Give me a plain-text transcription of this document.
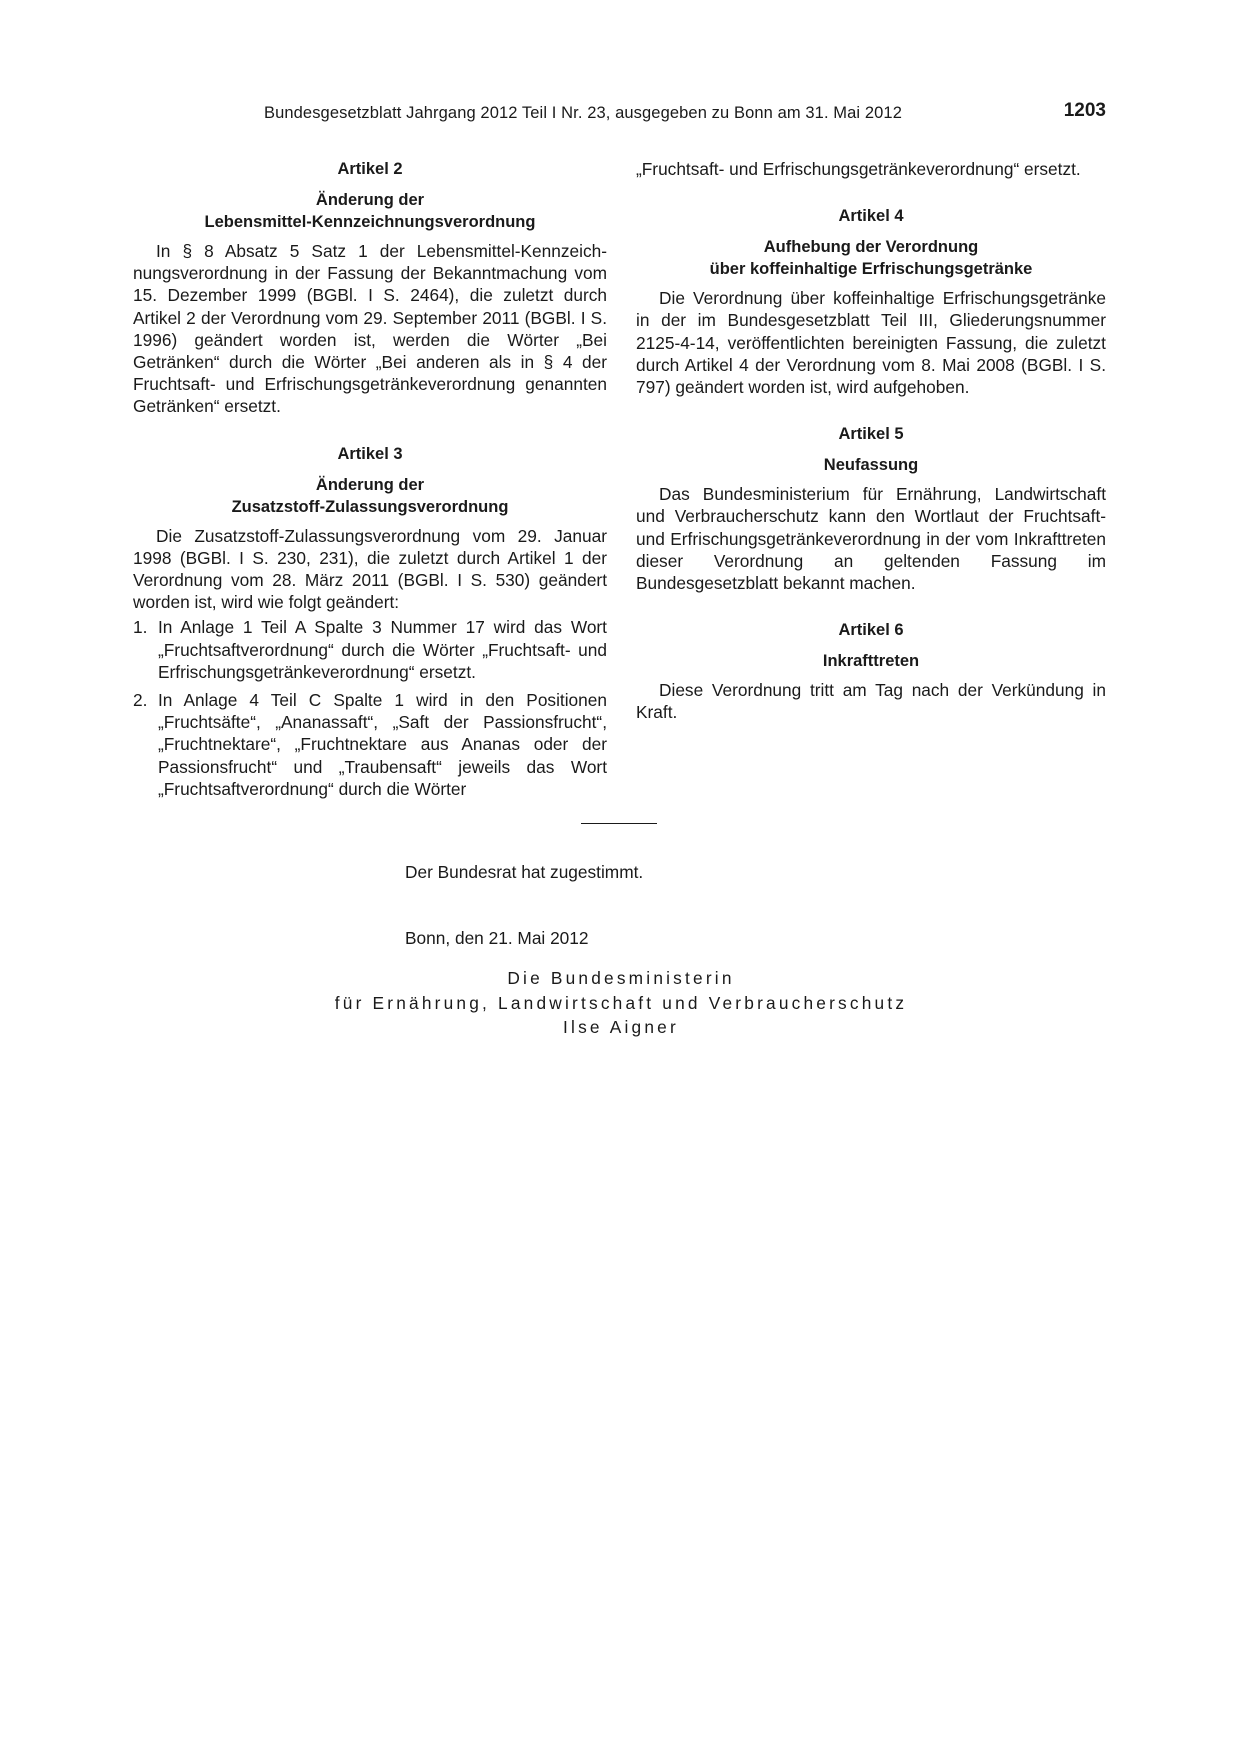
Bundesgesetzblatt Jahrgang 2012 Teil I Nr. 23, ausgegeben zu Bonn am 31. Mai 2012	1203
Artikel 2
Änderung der
Lebensmittel-Kennzeichnungsverordnung

In § 8 Absatz 5 Satz 1 der Lebensmittel-Kennzeichnungsverordnung in der Fassung der Bekanntmachung vom 15. Dezember 1999 (BGBl. I S. 2464), die zuletzt durch Artikel 2 der Verordnung vom 29. September 2011 (BGBl. I S. 1996) geändert worden ist, werden die Wörter „Bei Getränken“ durch die Wörter „Bei anderen als in § 4 der Fruchtsaft- und Erfrischungsgetränkeverordnung genannten Getränken“ ersetzt.

Artikel 3
Änderung der
Zusatzstoff-Zulassungsverordnung

Die Zusatzstoff-Zulassungsverordnung vom 29. Januar 1998 (BGBl. I S. 230, 231), die zuletzt durch Artikel 1 der Verordnung vom 28. März 2011 (BGBl. I S. 530) geändert worden ist, wird wie folgt geändert:

1. In Anlage 1 Teil A Spalte 3 Nummer 17 wird das Wort „Fruchtsaftverordnung“ durch die Wörter „Fruchtsaft- und Erfrischungsgetränkeverordnung“ ersetzt.
2. In Anlage 4 Teil C Spalte 1 wird in den Positionen „Fruchtsäfte“, „Ananassaft“, „Saft der Passionsfrucht“, „Fruchtnektare“, „Fruchtnektare aus Ananas oder der Passionsfrucht“ und „Traubensaft“ jeweils das Wort „Fruchtsaftverordnung“ durch die Wörter

„Fruchtsaft- und Erfrischungsgetränkeverordnung“ ersetzt.

Artikel 4
Aufhebung der Verordnung
über koffeinhaltige Erfrischungsgetränke

Die Verordnung über koffeinhaltige Erfrischungsgetränke in der im Bundesgesetzblatt Teil III, Gliederungsnummer 2125-4-14, veröffentlichten bereinigten Fassung, die zuletzt durch Artikel 4 der Verordnung vom 8. Mai 2008 (BGBl. I S. 797) geändert worden ist, wird aufgehoben.

Artikel 5
Neufassung

Das Bundesministerium für Ernährung, Landwirtschaft und Verbraucherschutz kann den Wortlaut der Fruchtsaft- und Erfrischungsgetränkeverordnung in der vom Inkrafttreten dieser Verordnung an geltenden Fassung im Bundesgesetzblatt bekannt machen.

Artikel 6
Inkrafttreten

Diese Verordnung tritt am Tag nach der Verkündung in Kraft.

Der Bundesrat hat zugestimmt.
Bonn, den 21. Mai 2012
Die Bundesministerin
für Ernährung, Landwirtschaft und Verbraucherschutz
Ilse Aigner
